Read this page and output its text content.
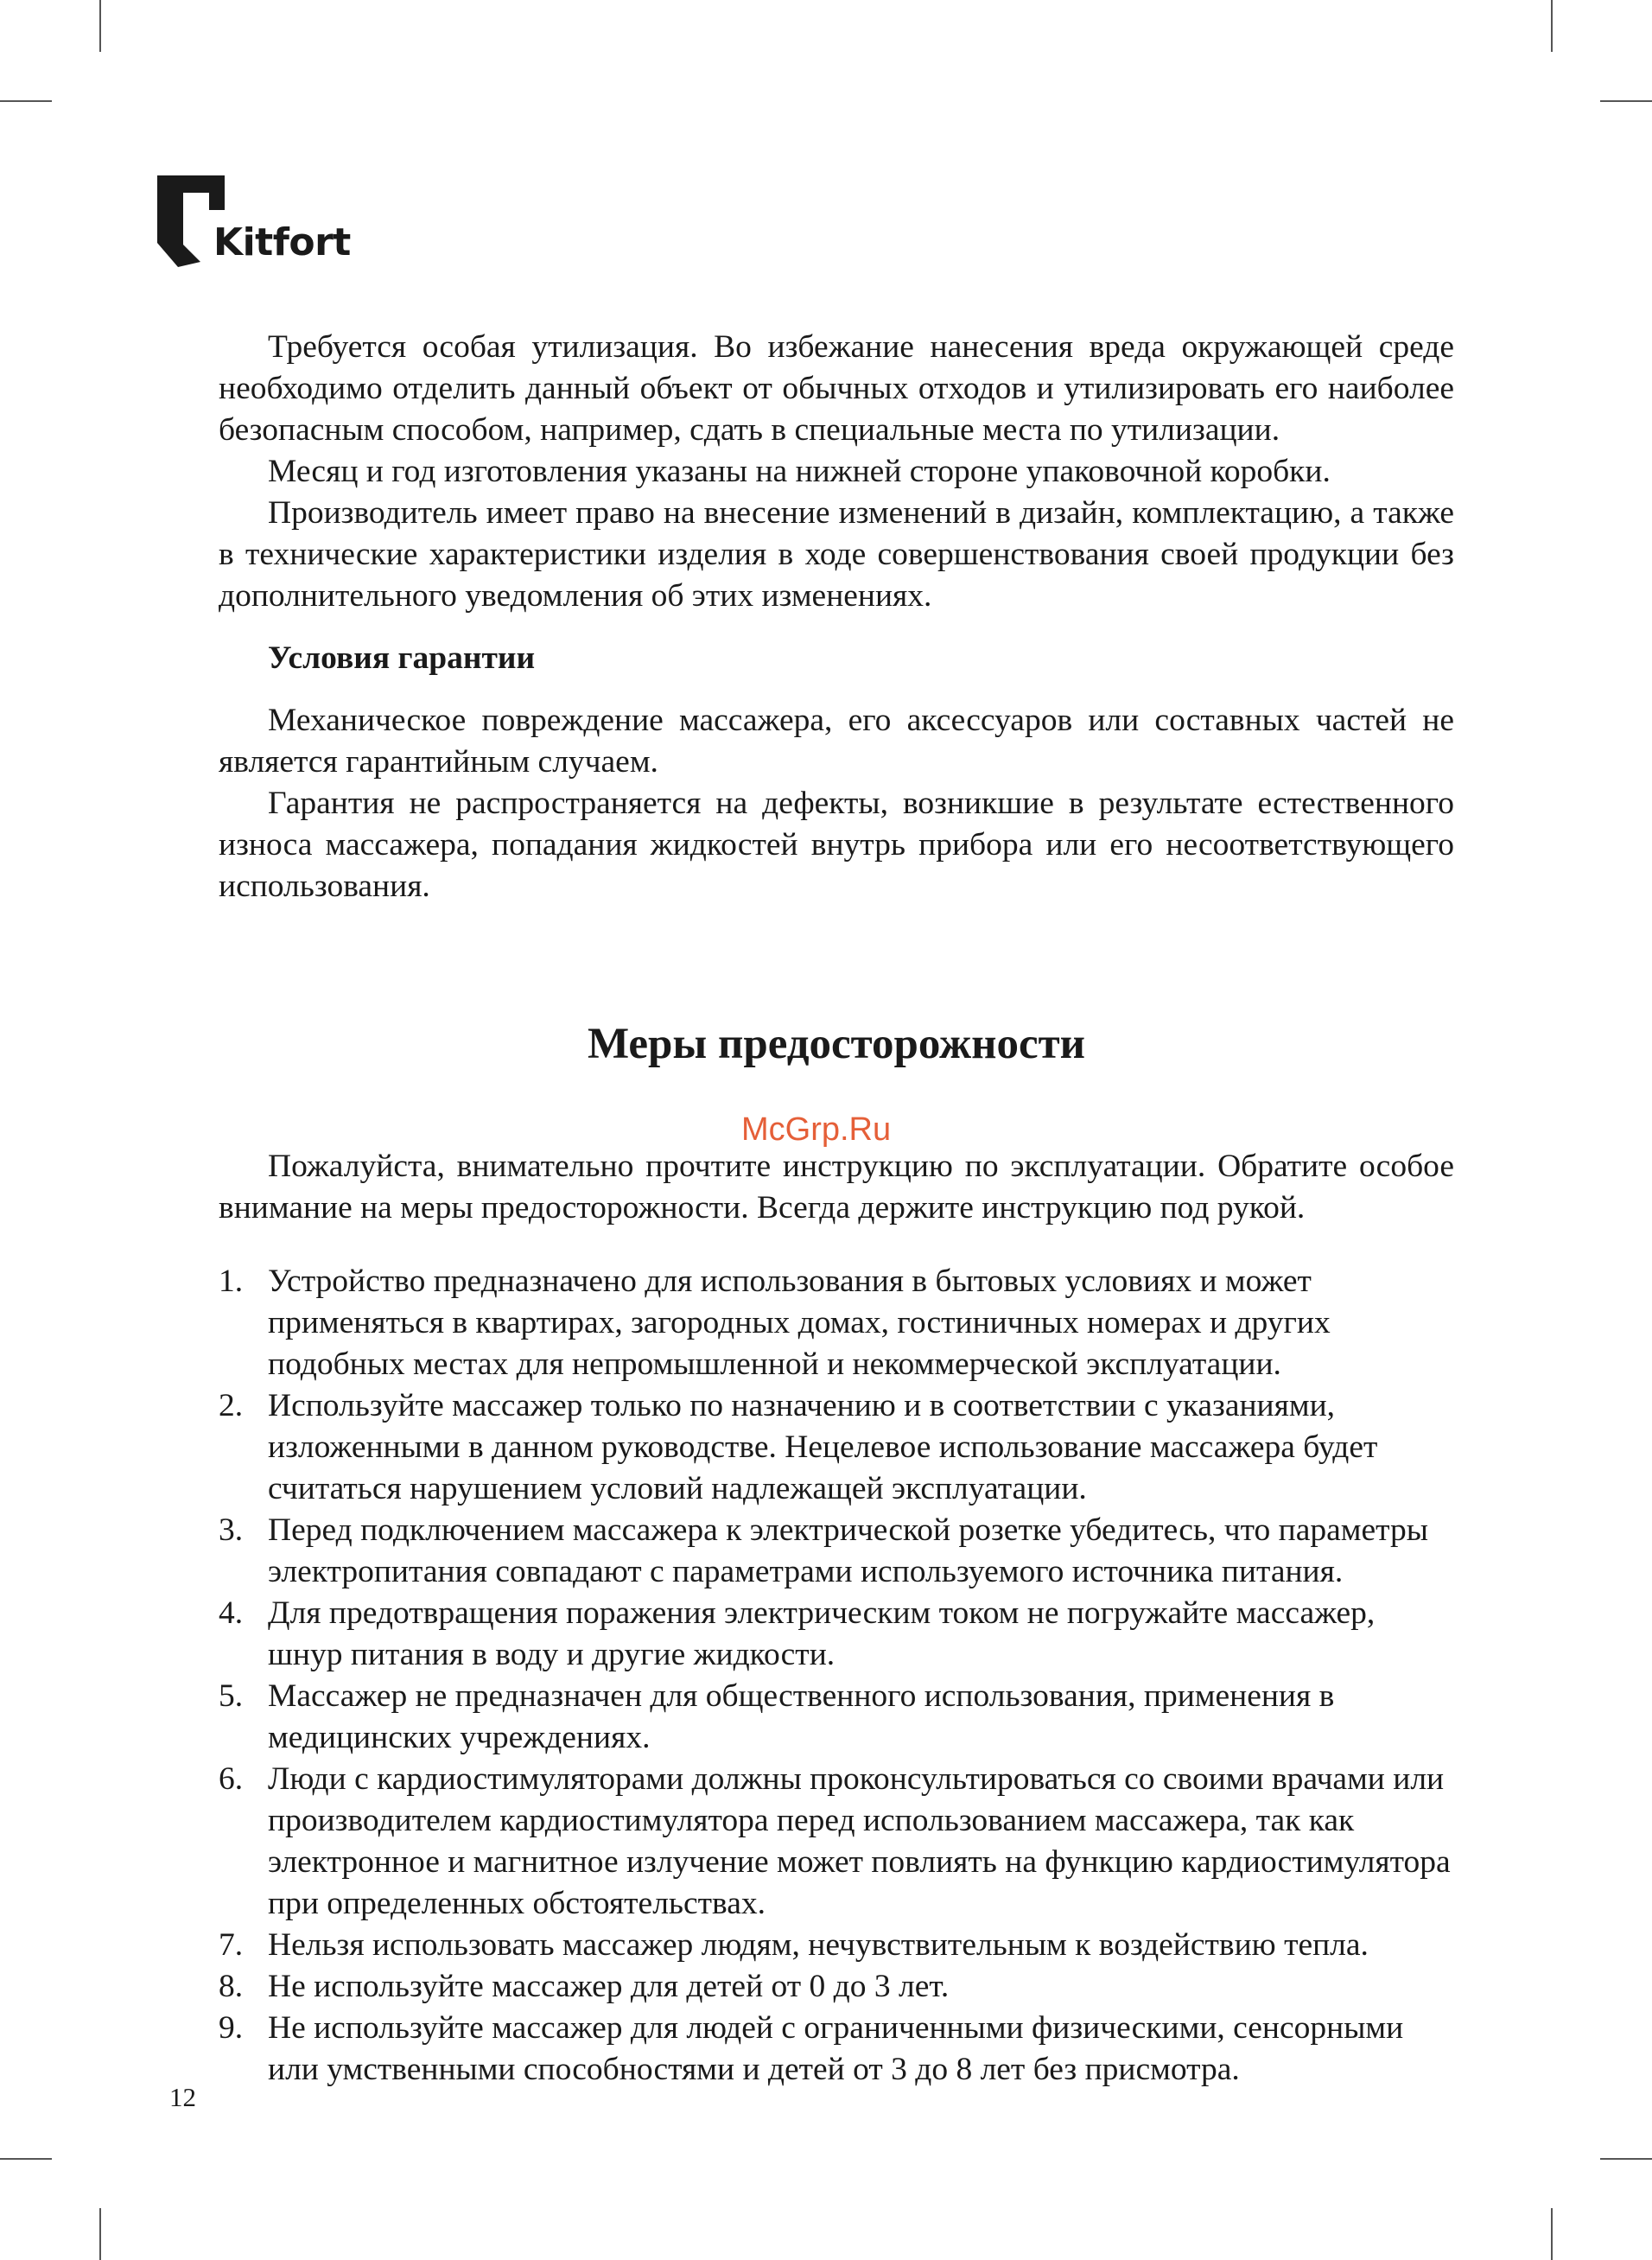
Kitfort

Требуется особая утилизация. Во избежание нанесения вреда окружающей среде необходимо отделить данный объект от обычных отходов и утилизировать его наиболее безопасным способом, например, сдать в специальные места по утилизации.

Месяц и год изготовления указаны на нижней стороне упаковочной коробки.

Производитель имеет право на внесение изменений в дизайн, комплектацию, а также в технические характеристики изделия в ходе совершенствования своей продукции без дополнительного уведомления об этих изменениях.

Условия гарантии

Механическое повреждение массажера, его аксессуаров или составных частей не является гарантийным случаем.

Гарантия не распространяется на дефекты, возникшие в результате естественного износа массажера, попадания жидкостей внутрь прибора или его несоответствующего использования.

Меры предосторожности

Пожалуйста, внимательно прочтите инструкцию по эксплуатации. Обратите особое внимание на меры предосторожности. Всегда держите инструкцию под рукой.

1. Устройство предназначено для использования в бытовых условиях и может применяться в квартирах, загородных домах, гостиничных номерах и других подобных местах для непромышленной и некоммерческой эксплуатации.
2. Используйте массажер только по назначению и в соответствии с указаниями, изложенными в данном руководстве. Нецелевое использование массажера будет считаться нарушением условий надлежащей эксплуатации.
3. Перед подключением массажера к электрической розетке убедитесь, что параметры электропитания совпадают с параметрами используемого источника питания.
4. Для предотвращения поражения электрическим током не погружайте массажер, шнур питания в воду и другие жидкости.
5. Массажер не предназначен для общественного использования, применения в медицинских учреждениях.
6. Люди с кардиостимуляторами должны проконсультироваться со своими врачами или производителем кардиостимулятора перед использованием массажера, так как электронное и магнитное излучение может повлиять на функцию кардиостимулятора при определенных обстоятельствах.
7. Нельзя использовать массажер людям, нечувствительным к воздействию тепла.
8. Не используйте массажер для детей от 0 до 3 лет.
9. Не используйте массажер для людей с ограниченными физическими, сенсорными или умственными способностями и детей от 3 до 8 лет без присмотра.
McGrp.Ru
12
